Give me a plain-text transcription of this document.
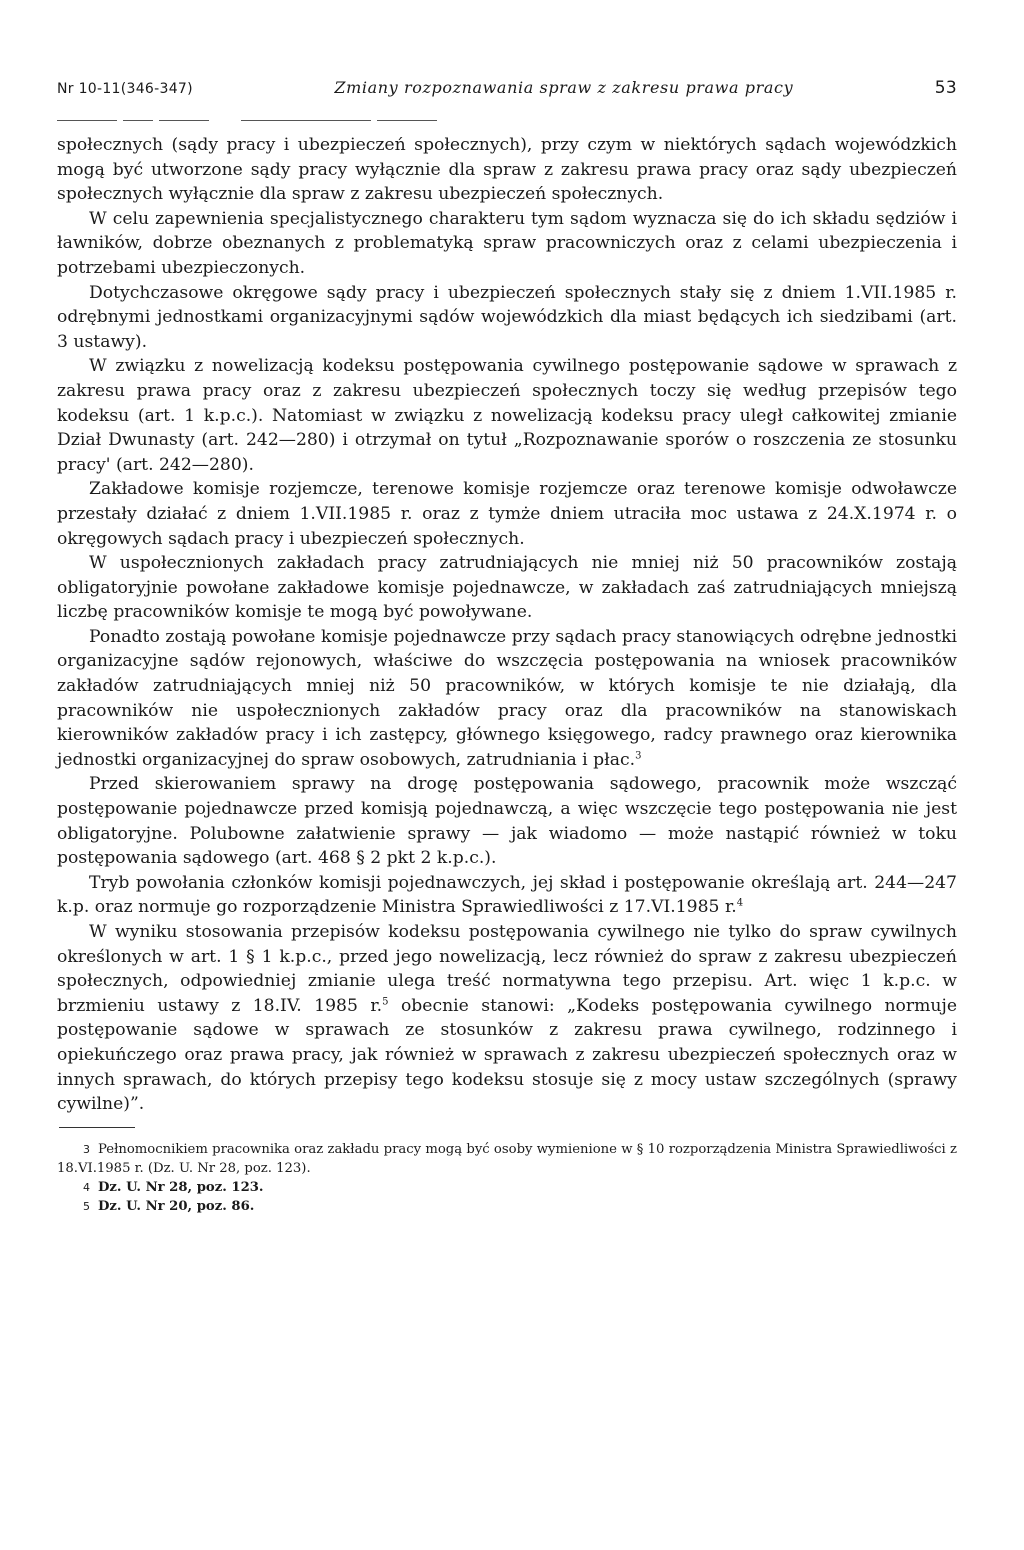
Nr 10-11(346-347)	Zmiany rozpoznawania spraw z zakresu prawa pracy	53

społecznych (sądy pracy i ubezpieczeń społecznych), przy czym w niektórych sądach wojewódzkich mogą być utworzone sądy pracy wyłącznie dla spraw z zakresu prawa pracy oraz sądy ubezpieczeń społecznych wyłącznie dla spraw z zakresu ubezpieczeń społecznych.

W celu zapewnienia specjalistycznego charakteru tym sądom wyznacza się do ich składu sędziów i ławników, dobrze obeznanych z problematyką spraw pracowniczych oraz z celami ubezpieczenia i potrzebami ubezpieczonych.

Dotychczasowe okręgowe sądy pracy i ubezpieczeń społecznych stały się z dniem 1.VII.1985 r. odrębnymi jednostkami organizacyjnymi sądów wojewódzkich dla miast będących ich siedzibami (art. 3 ustawy).

W związku z nowelizacją kodeksu postępowania cywilnego postępowanie sądowe w sprawach z zakresu prawa pracy oraz z zakresu ubezpieczeń społecznych toczy się według przepisów tego kodeksu (art. 1 k.p.c.). Natomiast w związku z nowelizacją kodeksu pracy uległ całkowitej zmianie Dział Dwunasty (art. 242—280) i otrzymał on tytuł „Rozpoznawanie sporów o roszczenia ze stosunku pracy' (art. 242—280).

Zakładowe komisje rozjemcze, terenowe komisje rozjemcze oraz terenowe komisje odwoławcze przestały działać z dniem 1.VII.1985 r. oraz z tymże dniem utraciła moc ustawa z 24.X.1974 r. o okręgowych sądach pracy i ubezpieczeń społecznych.

W uspołecznionych zakładach pracy zatrudniających nie mniej niż 50 pracowników zostają obligatoryjnie powołane zakładowe komisje pojednawcze, w zakładach zaś zatrudniających mniejszą liczbę pracowników komisje te mogą być powoływane.

Ponadto zostają powołane komisje pojednawcze przy sądach pracy stanowiących odrębne jednostki organizacyjne sądów rejonowych, właściwe do wszczęcia postępowania na wniosek pracowników zakładów zatrudniających mniej niż 50 pracowników, w których komisje te nie działają, dla pracowników nie uspołecznionych zakładów pracy oraz dla pracowników na stanowiskach kierowników zakładów pracy i ich zastępcy, głównego księgowego, radcy prawnego oraz kierownika jednostki organizacyjnej do spraw osobowych, zatrudniania i płac.$^3$

Przed skierowaniem sprawy na drogę postępowania sądowego, pracownik może wszcząć postępowanie pojednawcze przed komisją pojednawczą, a więc wszczęcie tego postępowania nie jest obligatoryjne. Polubowne załatwienie sprawy — jak wiadomo — może nastąpić również w toku postępowania sądowego (art. 468 § 2 pkt 2 k.p.c.).

Tryb powołania członków komisji pojednawczych, jej skład i postępowanie określają art. 244—247 k.p. oraz normuje go rozporządzenie Ministra Sprawiedliwości z 17.VI.1985 r.$^4$

W wyniku stosowania przepisów kodeksu postępowania cywilnego nie tylko do spraw cywilnych określonych w art. 1 § 1 k.p.c., przed jego nowelizacją, lecz również do spraw z zakresu ubezpieczeń społecznych, odpowiedniej zmianie ulega treść normatywna tego przepisu. Art. więc 1 k.p.c. w brzmieniu ustawy z 18.IV. 1985 r.$^5$ obecnie stanowi: „Kodeks postępowania cywilnego normuje postępowanie sądowe w sprawach ze stosunków z zakresu prawa cywilnego, rodzinnego i opiekuńczego oraz prawa pracy, jak również w sprawach z zakresu ubezpieczeń społecznych oraz w innych sprawach, do których przepisy tego kodeksu stosuje się z mocy ustaw szczególnych (sprawy cywilne)”.

3 Pełnomocnikiem pracownika oraz zakładu pracy mogą być osoby wymienione w § 10 rozporządzenia Ministra Sprawiedliwości z 18.VI.1985 r. (Dz. U. Nr 28, poz. 123).

4 Dz. U. Nr 28, poz. 123.

5 Dz. U. Nr 20, poz. 86.
